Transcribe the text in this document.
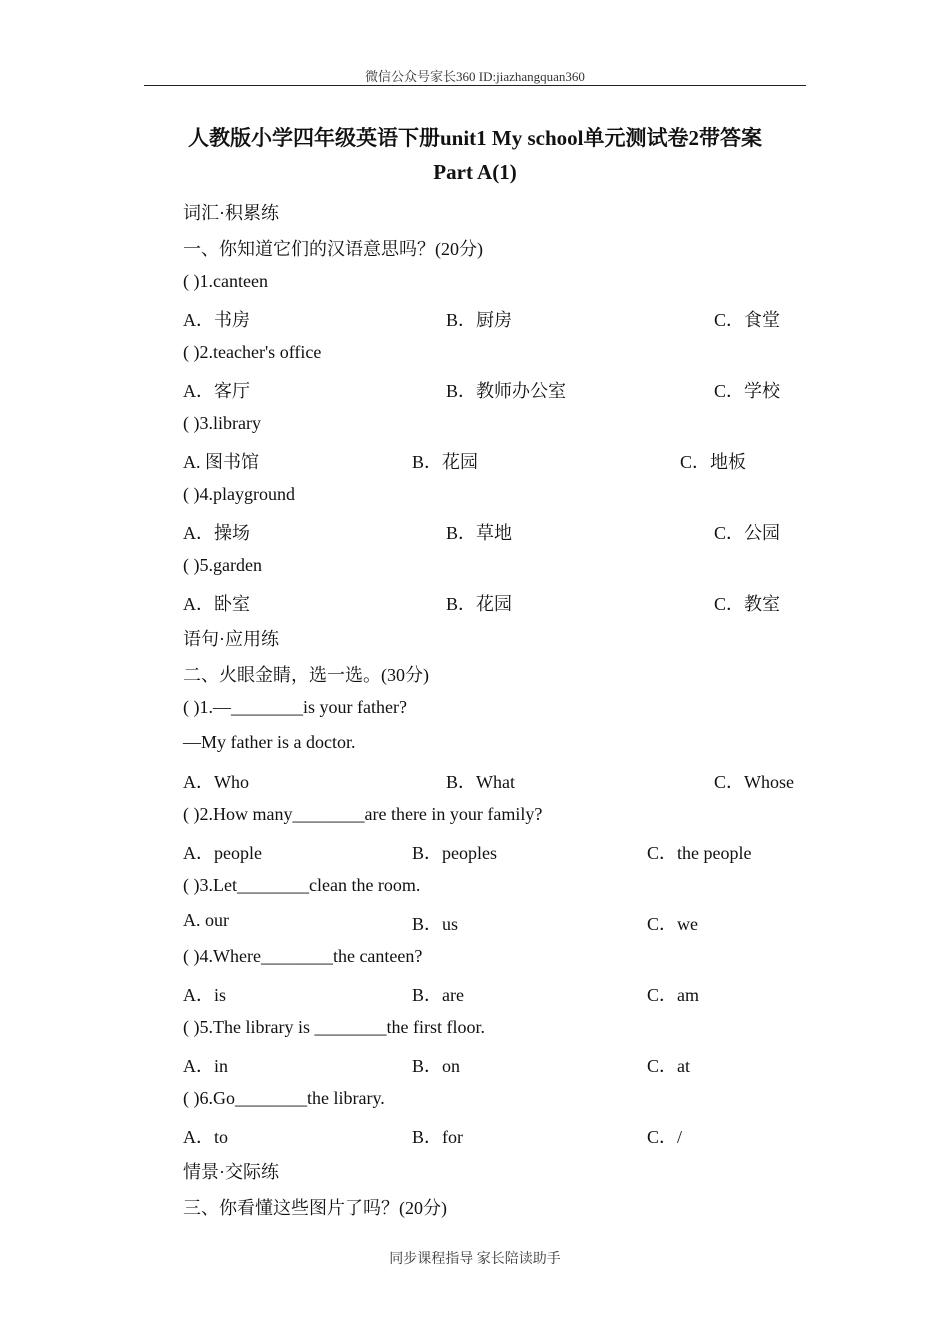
微信公众号家长360 ID:jiazhangquan360
人教版小学四年级英语下册unit1 My school单元测试卷2带答案
Part A(1)
词汇·积累练
一、你知道它们的汉语意思吗？(20分)
( )1.canteen
A．书房	B．厨房	C．食堂
( )2.teacher's office
A．客厅	B．教师办公室	C．学校
( )3.library
A. 图书馆	B．花园	C．地板
( )4.playground
A．操场	B．草地	C．公园
( )5.garden
A．卧室	B．花园	C．教室
语句·应用练
二、火眼金睛，选一选。(30分)
( )1.—________is your father?
—My father is a doctor.
A．Who	B．What	C．Whose
( )2.How many________are there in your family?
A．people	B．peoples	C．the people
( )3.Let________clean the room.
A. our	B．us	C．we
( )4.Where________the canteen?
A．is	B．are	C．am
( )5.The library is ________the first floor.
A．in	B．on	C．at
( )6.Go________the library.
A．to	B．for	C．/
情景·交际练
三、你看懂这些图片了吗？(20分)
同步课程指导 家长陪读助手
